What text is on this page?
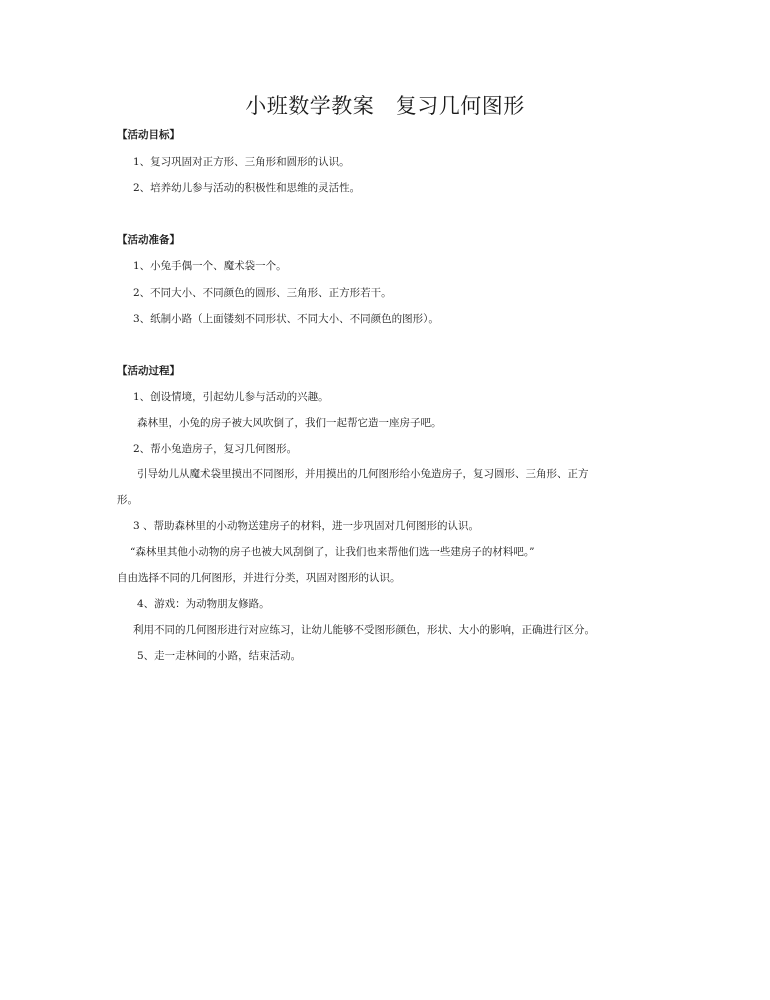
小班数学教案　复习几何图形
【活动目标】
1、复习巩固对正方形、三角形和圆形的认识。
2、培养幼儿参与活动的积极性和思维的灵活性。
【活动准备】
1、小兔手偶一个、魔术袋一个。
2、不同大小、不同颜色的圆形、三角形、正方形若干。
3、纸制小路（上面镂刻不同形状、不同大小、不同颜色的图形）。
【活动过程】
1、创设情境，引起幼儿参与活动的兴趣。
森林里，小兔的房子被大风吹倒了，我们一起帮它造一座房子吧。
2、帮小兔造房子，复习几何图形。
引导幼儿从魔术袋里摸出不同图形，并用摸出的几何图形给小兔造房子，复习圆形、三角形、正方
形。
3 、帮助森林里的小动物送建房子的材料，进一步巩固对几何图形的认识。
“森林里其他小动物的房子也被大风刮倒了，让我们也来帮他们选一些建房子的材料吧。”
自由选择不同的几何图形，并进行分类，巩固对图形的认识。
4、游戏：为动物朋友修路。
利用不同的几何图形进行对应练习，让幼儿能够不受图形颜色，形状、大小的影响，正确进行区分。
5、走一走林间的小路，结束活动。
